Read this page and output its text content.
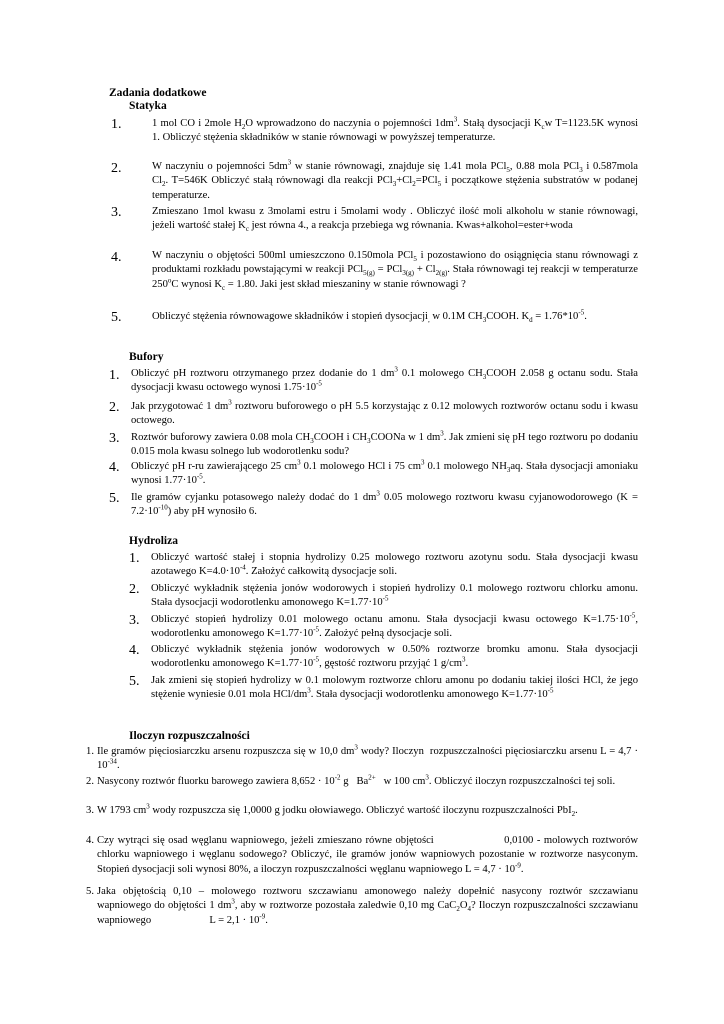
Zadania dodatkowe
Statyka
1.	1 mol CO i 2mole $H_2O$ wprowadzono do naczynia o pojemności $1dm^3$. Stałą dysocjacji $K_cw$ T=1123.5K wynosi 1. Obliczyć stężenia składników w stanie równowagi w powyższej temperaturze.
2.	W naczyniu o pojemności $5dm^3$ w stanie równowagi, znajduje się 1.41 mola PCl$_5$, 0.88 mola PCl$_3$ i 0.587mola $Cl_2$. T=546K Obliczyć stałą równowagi dla reakcji $PCl_3+Cl_2=PCl_5$ i początkowe stężenia substratów w podanej temperaturze.
3.	Zmieszano 1mol kwasu z 3molami estru i 5molami wody . Obliczyć ilość moli alkoholu w stanie równowagi, jeżeli wartość stałej $K_c$ jest równa 4., a reakcja przebiega wg równania. Kwas+alkohol=ester+woda
4.	W naczyniu o objętości 500ml umieszczono 0.150mola PCl$_5$ i pozostawiono do osiągnięcia stanu równowagi z produktami rozkładu powstającymi w reakcji $PCl_{5(g)} = PCl_{3(g)} + Cl_{2(g)}$. Stała równowagi tej reakcji w temperaturze 250$^o$C wynosi $K_c = 1.80$. Jaki jest skład mieszaniny w stanie równowagi ?
5.	Obliczyć stężenia równowagowe składników i stopień dysocjacji$_,$ w 0.1M $CH_3COOH$. $K_d = 1.76*10^{-5}$.
Bufory
1. Obliczyć pH roztworu otrzymanego przez dodanie do 1 $dm^3$ 0.1 molowego $CH_3COOH$ 2.058 g octanu sodu. Stała dysocjacji kwasu octowego wynosi $1.75\cdot 10^{-5}$
2. Jak przygotować 1 $dm^3$ roztworu buforowego o pH 5.5 korzystając z 0.12 molowych roztworów octanu sodu i kwasu octowego.
3. Roztwór buforowy zawiera 0.08 mola $CH_3COOH$ i $CH_3COONa$ w 1 $dm^3$. Jak zmieni się pH tego roztworu po dodaniu 0.015 mola kwasu solnego lub wodorotlenku sodu?
4. Obliczyć pH r-ru zawierającego 25 $cm^3$ 0.1 molowego HCl i 75 $cm^3$ 0.1 molowego $NH_3aq$. Stała dysocjacji amoniaku wynosi $1.77\cdot 10^{-5}$.
5. Ile gramów cyjanku potasowego należy dodać do 1 $dm^3$ 0.05 molowego roztworu kwasu cyjanowodorowego $(K = 7.2\cdot 10^{-10})$ aby pH wynosiło 6.
Hydroliza
1. Obliczyć wartość stałej i stopnia hydrolizy 0.25 molowego roztworu azotynu sodu. Stała dysocjacji kwasu azotawego $K=4.0\cdot 10^{-4}$. Założyć całkowitą dysocjacje soli.
2. Obliczyć wykładnik stężenia jonów wodorowych i stopień hydrolizy 0.1 molowego roztworu chlorku amonu. Stała dysocjacji wodorotlenku amonowego $K=1.77\cdot 10^{-5}$
3. Obliczyć stopień hydrolizy 0.01 molowego octanu amonu. Stała dysocjacji kwasu octowego $K=1.75\cdot 10^{-5}$, wodorotlenku amonowego $K=1.77\cdot 10^{-5}$. Założyć pełną dysocjacje soli.
4. Obliczyć wykładnik stężenia jonów wodorowych w 0.50% roztworze bromku amonu. Stała dysocjacji wodorotlenku amonowego $K=1.77\cdot 10^{-5}$, gęstość roztworu przyjąć 1 $g/cm^3$.
5. Jak zmieni się stopień hydrolizy w 0.1 molowym roztworze chloru amonu po dodaniu takiej ilości HCl, że jego stężenie wyniesie 0.01 mola HCl/$dm^3$. Stała dysocjacji wodorotlenku amonowego $K=1.77\cdot 10^{-5}$
Iloczyn rozpuszczalności
1. Ile gramów pięciosiarczku arsenu rozpuszcza się w 10,0 $dm^3$ wody? Iloczyn  rozpuszczalności pięciosiarczku arsenu $L = 4,7 \cdot 10^{-34}$.
2. Nasycony roztwór fluorku barowego zawiera $8,652 \cdot 10^{-2}$ g   $Ba^{2+}$   w 100 $cm^3$. Obliczyć iloczyn rozpuszczalności tej soli.
3. W 1793 $cm^3$ wody rozpuszcza się 1,0000 g jodku ołowiawego. Obliczyć wartość iloczynu rozpuszczalności PbI$_2$.
4. Czy wytrąci się osad węglanu wapniowego, jeżeli zmieszano równe objętości                    0,0100 - molowych roztworów chlorku wapniowego i węglanu sodowego? Obliczyć, ile gramów jonów wapniowych pozostanie w roztworze nasyconym. Stopień dysocjacji soli wynosi 80%, a iloczyn rozpuszczalności węglanu wapniowego $L = 4,7 \cdot 10^{-9}$.
5. Jaka objętością 0,10 – molowego roztworu szczawianu amonowego należy dopełnić nasycony roztwór szczawianu wapniowego do objętości 1 $dm^3$, aby w roztworze pozostała zaledwie 0,10 mg $CaC_2O_4$? Iloczyn rozpuszczalności szczawianu wapniowego                      $L = 2,1 \cdot 10^{-9}$.
